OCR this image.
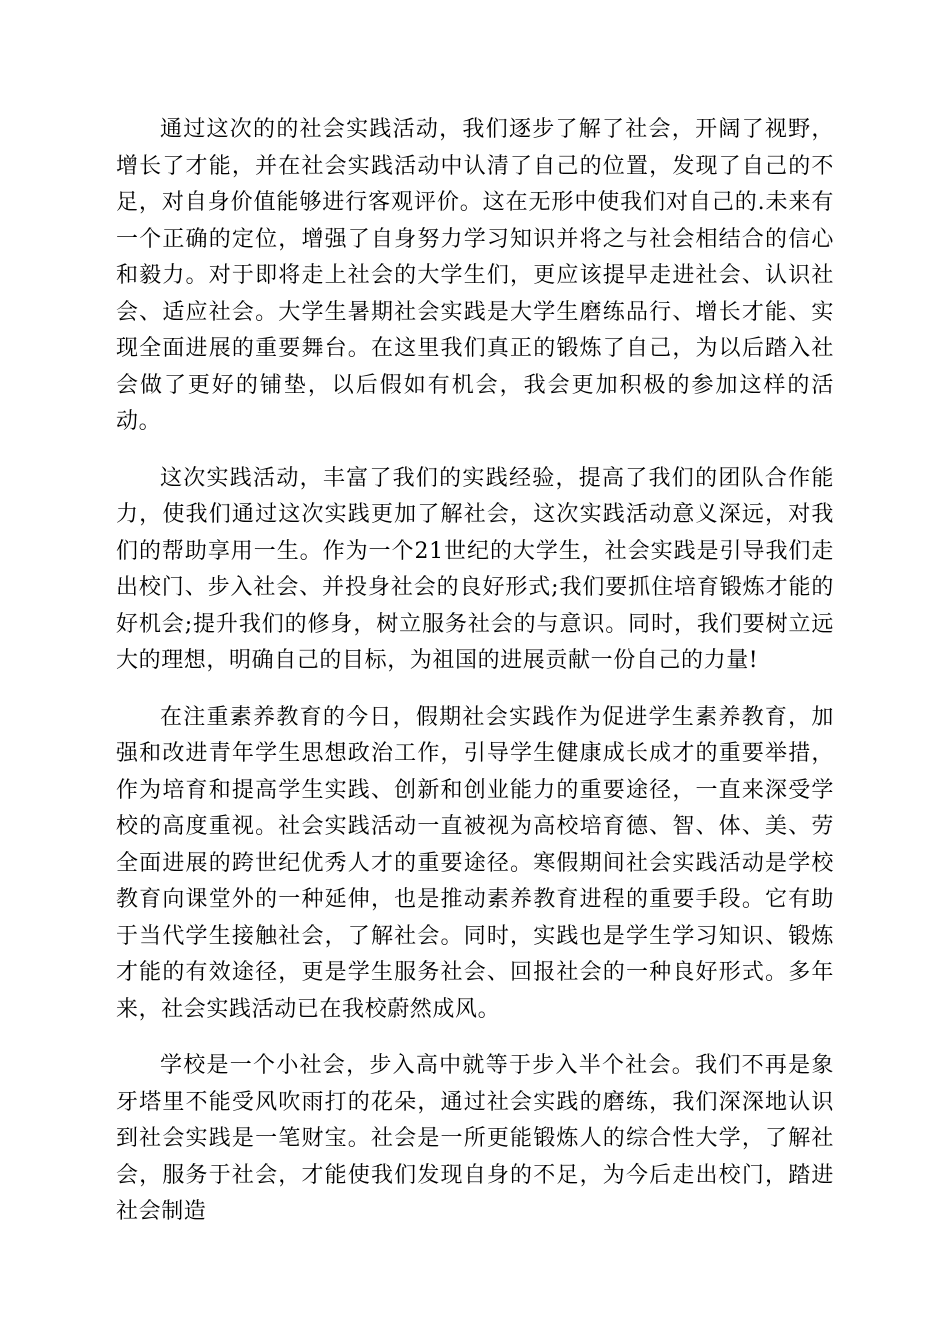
通过这次的的社会实践活动，我们逐步了解了社会，开阔了视野，增长了才能，并在社会实践活动中认清了自己的位置，发现了自己的不足，对自身价值能够进行客观评价。这在无形中使我们对自己的.未来有一个正确的定位，增强了自身努力学习知识并将之与社会相结合的信心和毅力。对于即将走上社会的大学生们，更应该提早走进社会、认识社会、适应社会。大学生暑期社会实践是大学生磨练品行、增长才能、实现全面进展的重要舞台。在这里我们真正的锻炼了自己，为以后踏入社会做了更好的铺垫，以后假如有机会，我会更加积极的参加这样的活动。

这次实践活动，丰富了我们的实践经验，提高了我们的团队合作能力，使我们通过这次实践更加了解社会，这次实践活动意义深远，对我们的帮助享用一生。作为一个21世纪的大学生，社会实践是引导我们走出校门、步入社会、并投身社会的良好形式;我们要抓住培育锻炼才能的好机会;提升我们的修身，树立服务社会的与意识。同时，我们要树立远大的理想，明确自己的目标，为祖国的进展贡献一份自己的力量!

在注重素养教育的今日，假期社会实践作为促进学生素养教育，加强和改进青年学生思想政治工作，引导学生健康成长成才的重要举措，作为培育和提高学生实践、创新和创业能力的重要途径，一直来深受学校的高度重视。社会实践活动一直被视为高校培育德、智、体、美、劳全面进展的跨世纪优秀人才的重要途径。寒假期间社会实践活动是学校教育向课堂外的一种延伸，也是推动素养教育进程的重要手段。它有助于当代学生接触社会，了解社会。同时，实践也是学生学习知识、锻炼才能的有效途径，更是学生服务社会、回报社会的一种良好形式。多年来，社会实践活动已在我校蔚然成风。

学校是一个小社会，步入高中就等于步入半个社会。我们不再是象牙塔里不能受风吹雨打的花朵，通过社会实践的磨练，我们深深地认识到社会实践是一笔财宝。社会是一所更能锻炼人的综合性大学，了解社会，服务于社会，才能使我们发现自身的不足，为今后走出校门，踏进社会制造
